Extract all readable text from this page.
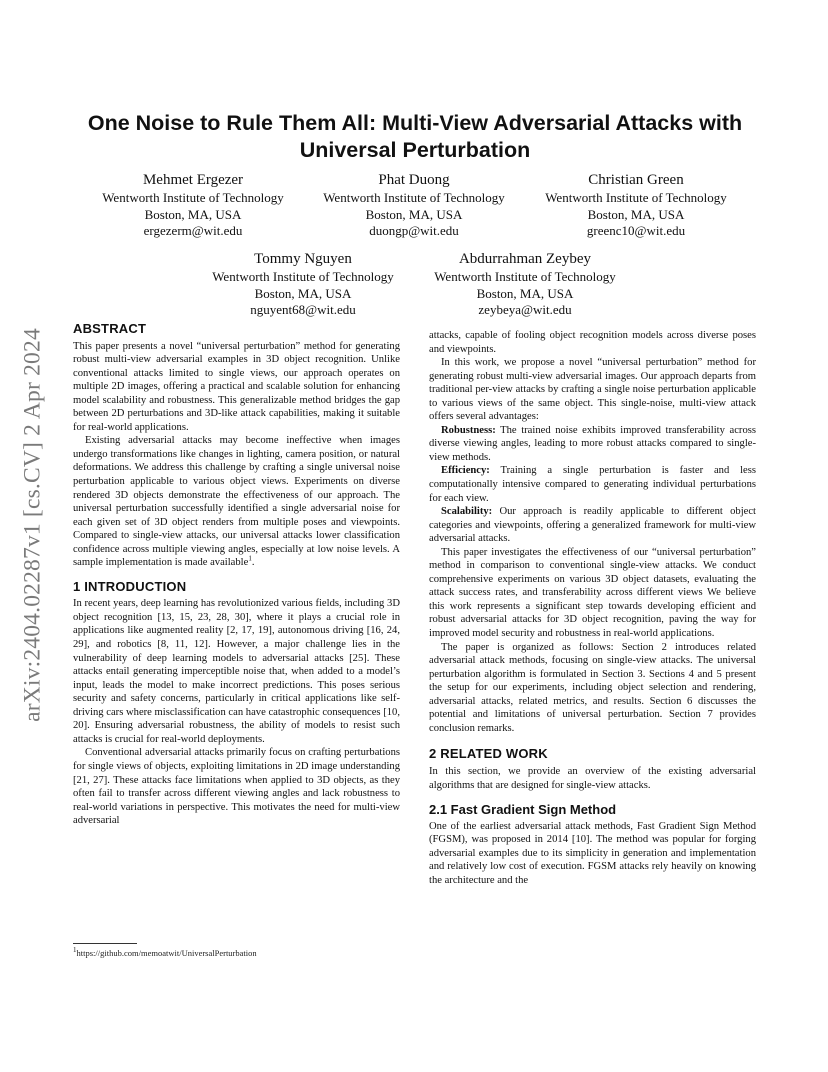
arXiv:2404.02287v1 [cs.CV] 2 Apr 2024
One Noise to Rule Them All: Multi-View Adversarial Attacks with
Universal Perturbation
Mehmet Ergezer
Wentworth Institute of Technology
Boston, MA, USA
ergezerm@wit.edu
Phat Duong
Wentworth Institute of Technology
Boston, MA, USA
duongp@wit.edu
Christian Green
Wentworth Institute of Technology
Boston, MA, USA
greenc10@wit.edu
Tommy Nguyen
Wentworth Institute of Technology
Boston, MA, USA
nguyent68@wit.edu
Abdurrahman Zeybey
Wentworth Institute of Technology
Boston, MA, USA
zeybeya@wit.edu
ABSTRACT

This paper presents a novel “universal perturbation” method for generating robust multi-view adversarial examples in 3D object recognition. Unlike conventional attacks limited to single views, our approach operates on multiple 2D images, offering a practical and scalable solution for enhancing model scalability and robustness. This generalizable method bridges the gap between 2D perturbations and 3D-like attack capabilities, making it suitable for real-world applications.

Existing adversarial attacks may become ineffective when images undergo transformations like changes in lighting, camera position, or natural deformations. We address this challenge by crafting a single universal noise perturbation applicable to various object views. Experiments on diverse rendered 3D objects demonstrate the effectiveness of our approach. The universal perturbation successfully identified a single adversarial noise for each given set of 3D object renders from multiple poses and viewpoints. Compared to single-view attacks, our universal attacks lower classification confidence across multiple viewing angles, especially at low noise levels. A sample implementation is made available$^1$.

1 INTRODUCTION

In recent years, deep learning has revolutionized various fields, including 3D object recognition [13, 15, 23, 28, 30], where it plays a crucial role in applications like augmented reality [2, 17, 19], autonomous driving [16, 24, 29], and robotics [8, 11, 12]. However, a major challenge lies in the vulnerability of deep learning models to adversarial attacks [25]. These attacks entail generating imperceptible noise that, when added to a model’s input, leads the model to make incorrect predictions. This poses serious security and safety concerns, particularly in critical applications like self-driving cars where misclassification can have catastrophic consequences [10, 20]. Ensuring adversarial robustness, the ability of models to resist such attacks is crucial for real-world deployments.

Conventional adversarial attacks primarily focus on crafting perturbations for single views of objects, exploiting limitations in 2D image understanding [21, 27]. These attacks face limitations when applied to 3D objects, as they often fail to transfer across different viewing angles and lack robustness to real-world variations in perspective. This motivates the need for multi-view adversarial

attacks, capable of fooling object recognition models across diverse poses and viewpoints.

In this work, we propose a novel “universal perturbation” method for generating robust multi-view adversarial images. Our approach departs from traditional per-view attacks by crafting a single noise perturbation applicable to various views of the same object. This single-noise, multi-view attack offers several advantages:

Robustness: The trained noise exhibits improved transferability across diverse viewing angles, leading to more robust attacks compared to single-view methods.

Efficiency: Training a single perturbation is faster and less computationally intensive compared to generating individual perturbations for each view.

Scalability: Our approach is readily applicable to different object categories and viewpoints, offering a generalized framework for multi-view adversarial attacks.

This paper investigates the effectiveness of our “universal perturbation” method in comparison to conventional single-view attacks. We conduct comprehensive experiments on various 3D object datasets, evaluating the attack success rates, and transferability across different views We believe this work represents a significant step towards developing efficient and robust adversarial attacks for 3D object recognition, paving the way for improved model security and robustness in real-world applications.

The paper is organized as follows: Section 2 introduces related adversarial attack methods, focusing on single-view attacks. The universal perturbation algorithm is formulated in Section 3. Sections 4 and 5 present the setup for our experiments, including object selection and rendering, adversarial attacks, related metrics, and results. Section 6 discusses the potential and limitations of universal perturbation. Section 7 provides conclusion remarks.

2 RELATED WORK

In this section, we provide an overview of the existing adversarial algorithms that are designed for single-view attacks.

2.1 Fast Gradient Sign Method

One of the earliest adversarial attack methods, Fast Gradient Sign Method (FGSM), was proposed in 2014 [10]. The method was popular for forging adversarial examples due to its simplicity in generation and implementation and relatively low cost of execution. FGSM attacks rely heavily on knowing the architecture and the

$^1$https://github.com/memoatwit/UniversalPerturbation
